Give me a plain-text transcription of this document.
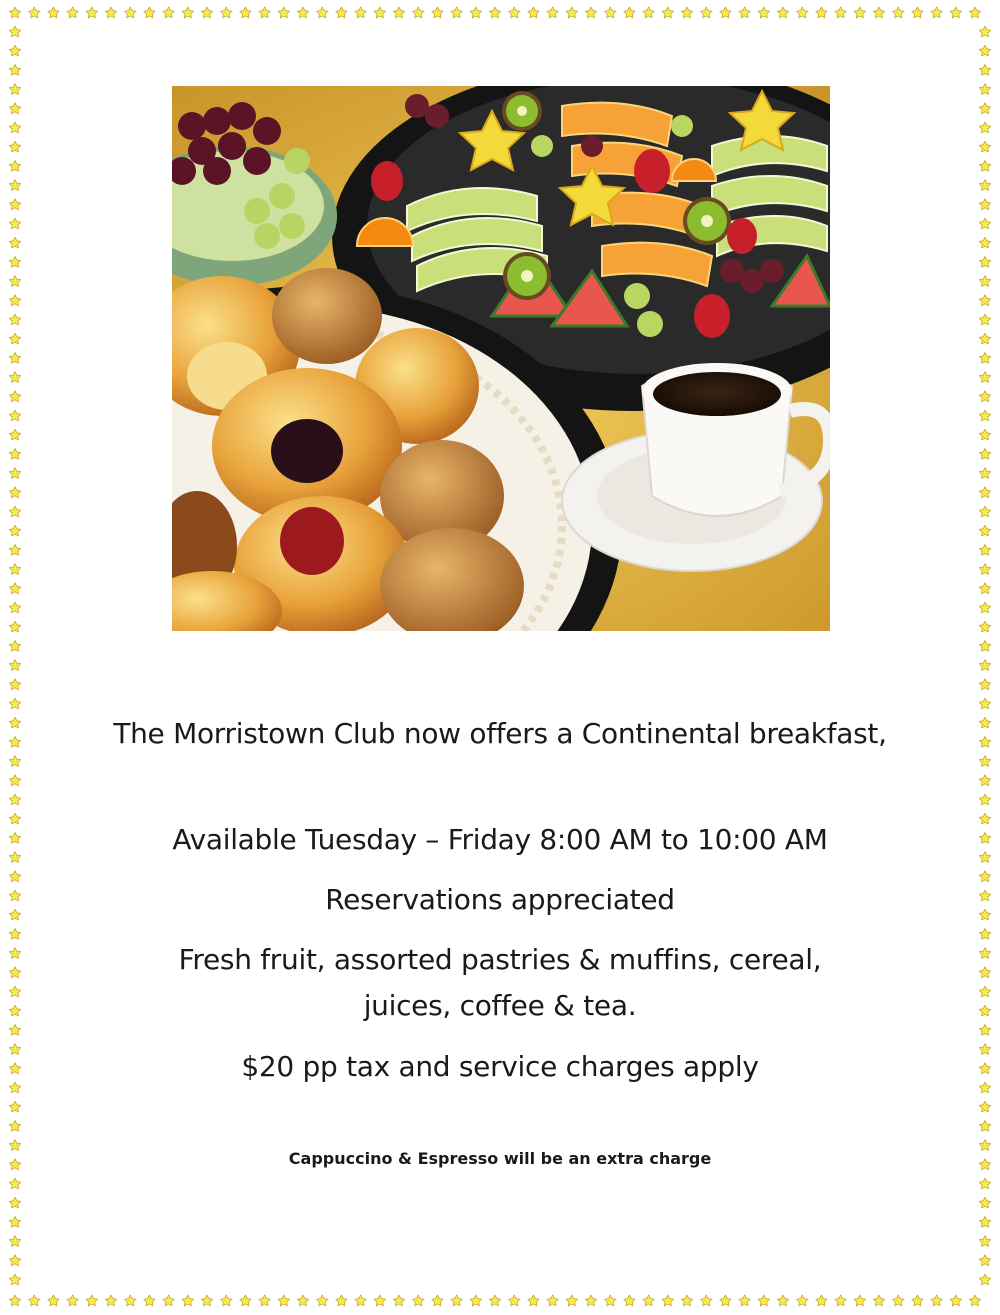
The Morristown Club now offers a Continental breakfast,

Available Tuesday – Friday 8:00 AM to 10:00 AM

Reservations appreciated

Fresh fruit, assorted pastries & muffins, cereal, juices, coffee & tea.

$20 pp tax and service charges apply

Cappuccino & Espresso will be an extra charge
